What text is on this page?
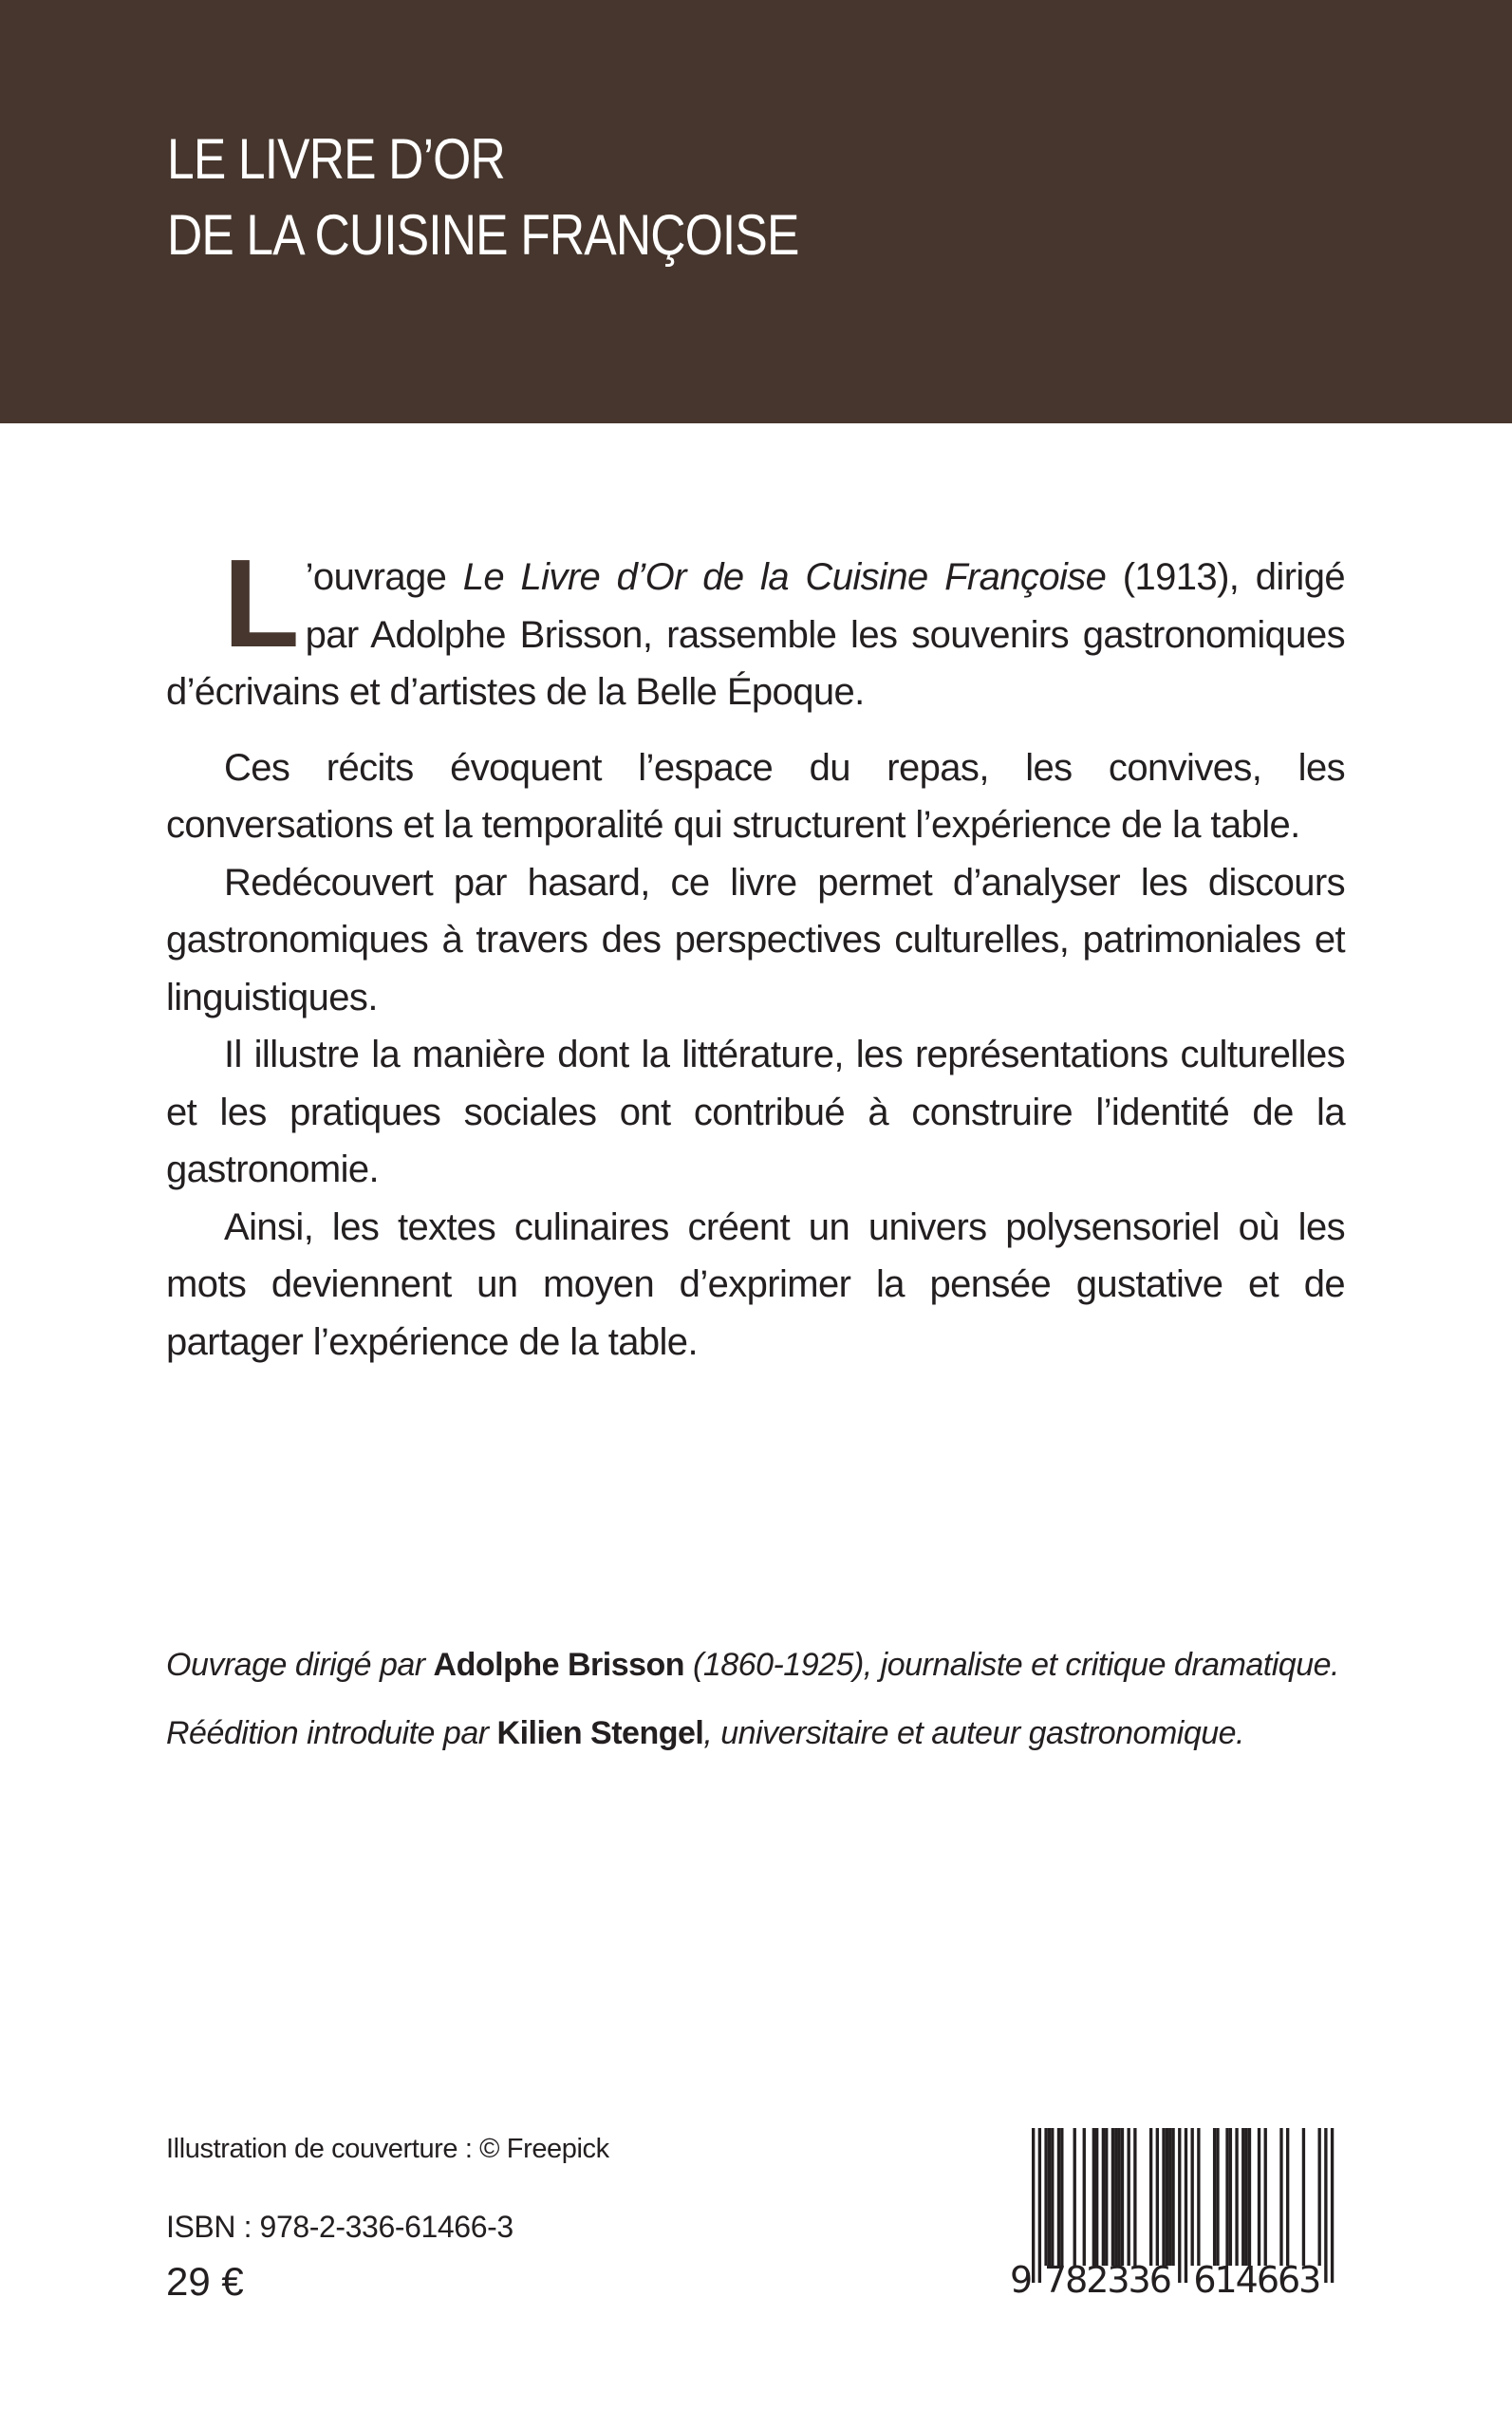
LE LIVRE D’OR
DE LA CUISINE FRANÇOISE

L ’ouvrage Le Livre d’Or de la Cuisine Françoise (1913), dirigé par Adolphe Brisson, rassemble les souvenirs gastronomiques d’écrivains et d’artistes de la Belle Époque.

Ces récits évoquent l’espace du repas, les convives, les conversations et la temporalité qui structurent l’expérience de la table.

Redécouvert par hasard, ce livre permet d’analyser les discours gastronomiques à travers des perspectives culturelles, patrimoniales et linguistiques.

Il illustre la manière dont la littérature, les représentations culturelles et les pratiques sociales ont contribué à construire l’identité de la gastronomie.

Ainsi, les textes culinaires créent un univers polysensoriel où les mots deviennent un moyen d’exprimer la pensée gustative et de partager l’expérience de la table.

Ouvrage dirigé par Adolphe Brisson (1860-1925), journaliste et critique dramatique.

Réédition introduite par Kilien Stengel, universitaire et auteur gastronomique.

Illustration de couverture : © Freepick
ISBN : 978-2-336-61466-3
29 €	9 782336 614663
